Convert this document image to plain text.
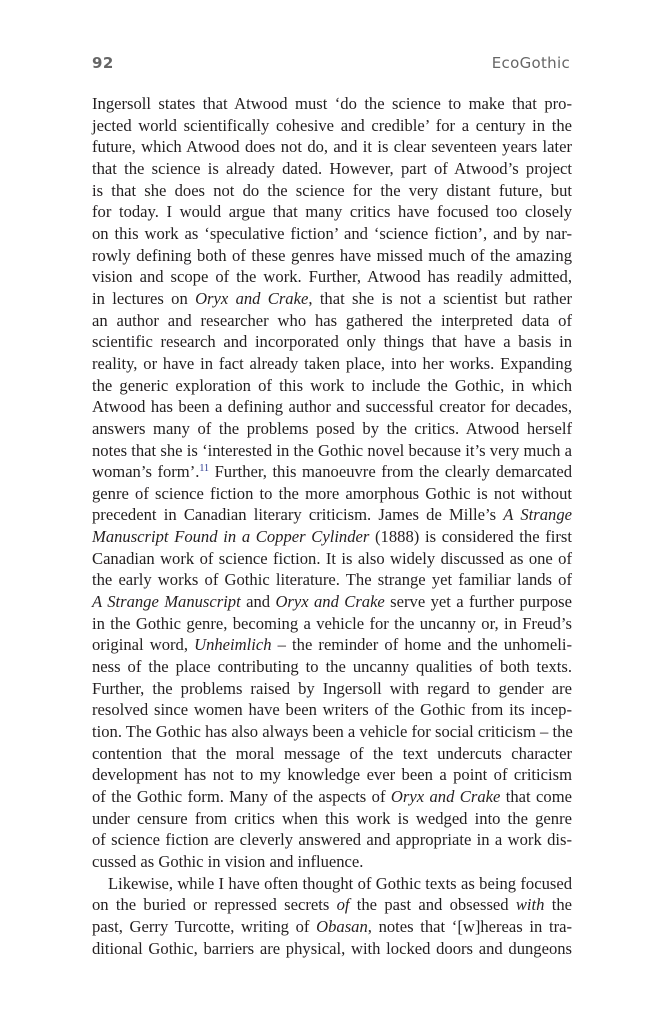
92	EcoGothic
Ingersoll states that Atwood must ‘do the science to make that pro-
jected world scientifically cohesive and credible’ for a century in the
future, which Atwood does not do, and it is clear seventeen years later
that the science is already dated. However, part of Atwood’s project
is that she does not do the science for the very distant future, but
for today. I would argue that many critics have focused too closely
on this work as ‘speculative fiction’ and ‘science fiction’, and by nar-
rowly defining both of these genres have missed much of the amazing
vision and scope of the work. Further, Atwood has readily admitted,
in lectures on Oryx and Crake, that she is not a scientist but rather
an author and researcher who has gathered the interpreted data of
scientific research and incorporated only things that have a basis in
reality, or have in fact already taken place, into her works. Expanding
the generic exploration of this work to include the Gothic, in which
Atwood has been a defining author and successful creator for decades,
answers many of the problems posed by the critics. Atwood herself
notes that she is ‘interested in the Gothic novel because it’s very much a
woman’s form’.$^{11}$ Further, this manoeuvre from the clearly demarcated
genre of science fiction to the more amorphous Gothic is not without
precedent in Canadian literary criticism. James de Mille’s A Strange
Manuscript Found in a Copper Cylinder (1888) is considered the first
Canadian work of science fiction. It is also widely discussed as one of
the early works of Gothic literature. The strange yet familiar lands of
A Strange Manuscript and Oryx and Crake serve yet a further purpose
in the Gothic genre, becoming a vehicle for the uncanny or, in Freud’s
original word, Unheimlich – the reminder of home and the unhomeli-
ness of the place contributing to the uncanny qualities of both texts.
Further, the problems raised by Ingersoll with regard to gender are
resolved since women have been writers of the Gothic from its incep-
tion. The Gothic has also always been a vehicle for social criticism – the
contention that the moral message of the text undercuts character
development has not to my knowledge ever been a point of criticism
of the Gothic form. Many of the aspects of Oryx and Crake that come
under censure from critics when this work is wedged into the genre
of science fiction are cleverly answered and appropriate in a work dis-
cussed as Gothic in vision and influence.
Likewise, while I have often thought of Gothic texts as being focused
on the buried or repressed secrets of the past and obsessed with the
past, Gerry Turcotte, writing of Obasan, notes that ‘[w]hereas in tra-
ditional Gothic, barriers are physical, with locked doors and dungeons
